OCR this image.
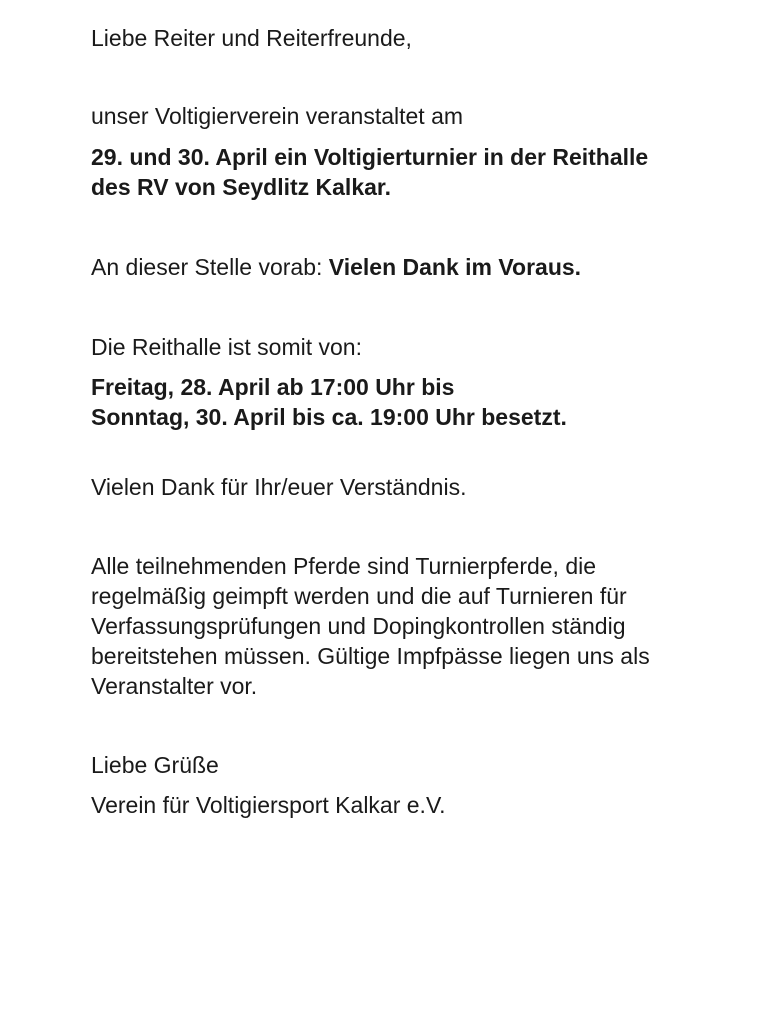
Liebe Reiter und Reiterfreunde,

unser Voltigierverein veranstaltet am

29. und 30. April ein Voltigierturnier in der Reithalle

des RV von Seydlitz Kalkar.

An dieser Stelle vorab: Vielen Dank im Voraus.

Die Reithalle ist somit von:

Freitag, 28. April ab 17:00 Uhr bis

Sonntag, 30. April bis ca. 19:00 Uhr besetzt.

Vielen Dank für Ihr/euer Verständnis.

Alle teilnehmenden Pferde sind Turnierpferde, die
regelmäßig geimpft werden und die auf Turnieren für
Verfassungsprüfungen und Dopingkontrollen ständig
bereitstehen müssen. Gültige Impfpässe liegen uns als
Veranstalter vor.

Liebe Grüße

Verein für Voltigiersport Kalkar e.V.
